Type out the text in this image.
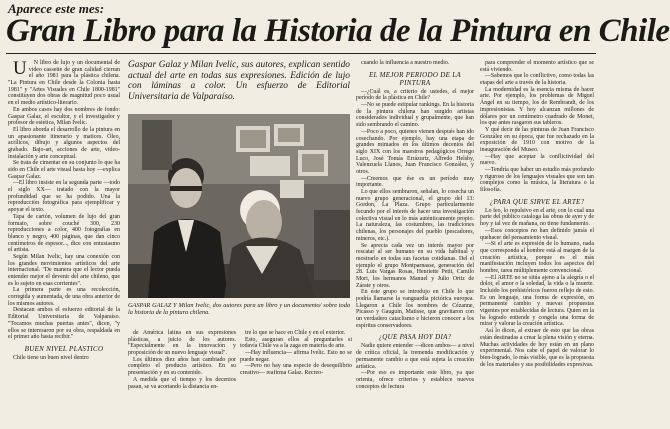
Aparece este mes:
Gran Libro para la Historia de la Pintura en Chile

UN libro de lujo y un documental de video cassette de gran calidad cierran el año 1981 para la plástica chilena. "La Pintura en Chile desde la Colonia hasta 1981" y "Artes Visuales en Chile 1800-1981" constituyen dos obras de magnitud poco usual en el medio artístico-literario.

En ambos casos hay dos nombres de fondo: Gaspar Galaz, el escultor, y el investigador y profesor de estética, Milan Ivelic.

El libro aborda el desarrollo de la pintura en un apasionante itinerario y matices. Óleo, acrílicos, dibujo y algunos aspectos del grabado. Bajo-art, acciones de arte, video-instalación y arte conceptual.

Se trata de cimentar en su conjunto lo que ha sido en Chile el arte visual hasta hoy —explica Gaspar Galaz.

—El libro insiste en la segunda parte —todo el siglo XX— tratado con la mayor profundidad que se ha podido. Una la reproducción fotográfica para ejemplificar y apoyar el texto.

Tapa de cartón, volumen de lujo del gran formato, sobre couché 300, 230 reproducciones a color, 400 fotografías en blanco y negro, 400 páginas, que dan cinco centímetros de espesor..., dice con entusiasmo el artista.

Según Milan Ivelic, hay una conexión con los grandes movimientos artísticos del arte internacional. "De manera que el lector pueda entender mejor el devenir del arte chileno, que es lo sujeto en esas corrientes".

La primera parte es una recolección, corregida y aumentada, de una obra anterior de los mismos autores.

Destacan ambos el esfuerzo editorial de la Editorial Universitaria de Valparaíso. "Tocamos muchas puertas antes", dicen, "y ellos se interesaron por su obra, respaldada en el primer año hasta recibir."

BUEN NIVEL PLASTICO

Chile tiene un buen nivel dentro

Gaspar Galaz y Milan Ivelic, sus autores, explican sentido actual del arte en todas sus expresiones. Edición de lujo con láminas a color. Un esfuerzo de Editorial Universitaria de Valparaíso.
GASPAR GALAZ Y Milan Ivelic, dos autores para un libro y un documento/ sobre toda la historia de la pintura chilena.

de América latina en sus expresiones plásticas, a juicio de los autores. "Especialmente en la innovación y proposición de un nuevo lenguaje visual".

Los últimos diez años han cambiado por completo el producto artístico. En su presentación y en su contenido.

A medida que el tiempo y los decenios pasan, se va acortando la distancia en-

tre lo que se hace en Chile y en el exterior.

Esto, aseguran ellos al preguntarles si todavía Chile va a la zaga en materia de arte.

—Hay influencia— afirma Ivelic. Esto no se puede negar.

—Pero no hay una especie de desequilibrio creativo— reafirma Galaz. Recreo-

cuando la influencia a nuestro medio.

EL MEJOR PERIODO DE LA PINTURA

—¿Cuál es, a criterio de ustedes, el mejor período de la plástica en Chile?

—No se puede estipular rankings. En la historia de la pintura chilena han surgido artistas considerados individual y grupalmente, que han sido sembrando el camino.

—Poco a poco, quienes vienen después han ido cosechando. Por ejemplo, hay una etapa de grandes mimados en los últimos decenios del siglo XIX con los maestros pedagógicos Orrego Luco, José Tomás Errázuriz, Alfredo Helsby, Valenzuela Llanos, Juan Francisco González, y otros.

—Creemos que ése es un período muy importante.

Lo que ellos sembraron, señalan, lo cosecha un nuevo grupo generacional, el grupo del 13: Gordon, La Plaza. Grupo particularmente fecundo por el interés de hacer una investigación colectiva visual en lo más auténticamente propio. La naturaleza, las costumbres, las tradiciones chilenas, los personajes del pueblo (pescadores, mineros, etc.).

Se aprecia cada vez un interés mayor por rescatar al ser humano en su vida habitual y mostrarlo en todas sus facetas cotidianas. Del el ejemplo el grupo Montparnasse, generación del 28. Luis Vargas Rosas, Henriette Petit, Camilo Mori, los hermanos Manuel y Julio Ortiz de Zárate y otros.

En este grupo se introdujo en Chile lo que podría llamarse la vanguardia pictórica europea. Llegaron a Chile los nombres de Cézanne, Picasso y Gauguin, Matisse, que gravitaron con un verdadero cataclismo e hicieron conocer a los espíritus conservadores.

¿QUE PASA HOY DIA?

Nadie quiere entender —dicen ambos— a nivel de crítica oficial, la tremenda modificación y permanente cambio a que está sujeta la creación artística.

—Por eso es importante este libro, ya que orienta, ofrece criterios y establece nuevos conceptos de lectura

para comprender el momento artístico que se está viviendo.

—Sabemos que lo conflictivo, como todas las etapas del arte a través de la historia.

La modernidad es la esencia misma de hacer arte. Por ejemplo, los problemas de Miguel Ángel en su tiempo, los de Rembrandt, de los impresionistas. Y hoy alcanzan millones de dólares por un centímetro cuadrado de Monet, los que antes rasgaron sus tableros.

Y qué decir de las pinturas de Juan Francisco González en su época, que fue rechazado en la exposición de 1910 con motivo de la inauguración del Museo.

—Hay que aceptar la conflictividad del nuevo.

—Tendría que haber un estudio más profundo y riguroso de los lenguajes visuales que son tan complejos como la música, la literatura o la filosofía.

¿PARA QUE SIRVE EL ARTE?

Lo feo, lo repulsivo en el arte, con lo cual una parte del público cataloga las obras de ayer y de hoy y tal vez de mañana, no tiene fundamento.

—Esos conceptos no han definido jamás el quehacer del pensamiento visual.

—Si el arte es expresión de lo humano, nada que corresponda al hombre está al margen de la creación artística, porque es el más manifestación incluyen todos los aspectos del hombre, tarea múltiplemente convencional.

—El ARTE no se sitúa ajeno a la alegría o el dolor, el amor o la soledad, la vida o la muerte. Incluido los prehistóricos fueron reflejo de esto. Es un lenguaje, una forma de expresión, en permanente cambio y nuevas propuestas vigentes por establecidas de lectura. Quien en la ha logrado entiende y congela una forma de mirar y valorar la creación artística.

Así lo dicen, al extraer de esto que las obras están destinadas a crear la plena visión y eterna. Muchas actividades de hoy están en un plano experimental. Nos cabe el papel de valorar lo bien-logrado, lo más visible, que es la propuesta de los materiales y sus posibilidades expresivas.
